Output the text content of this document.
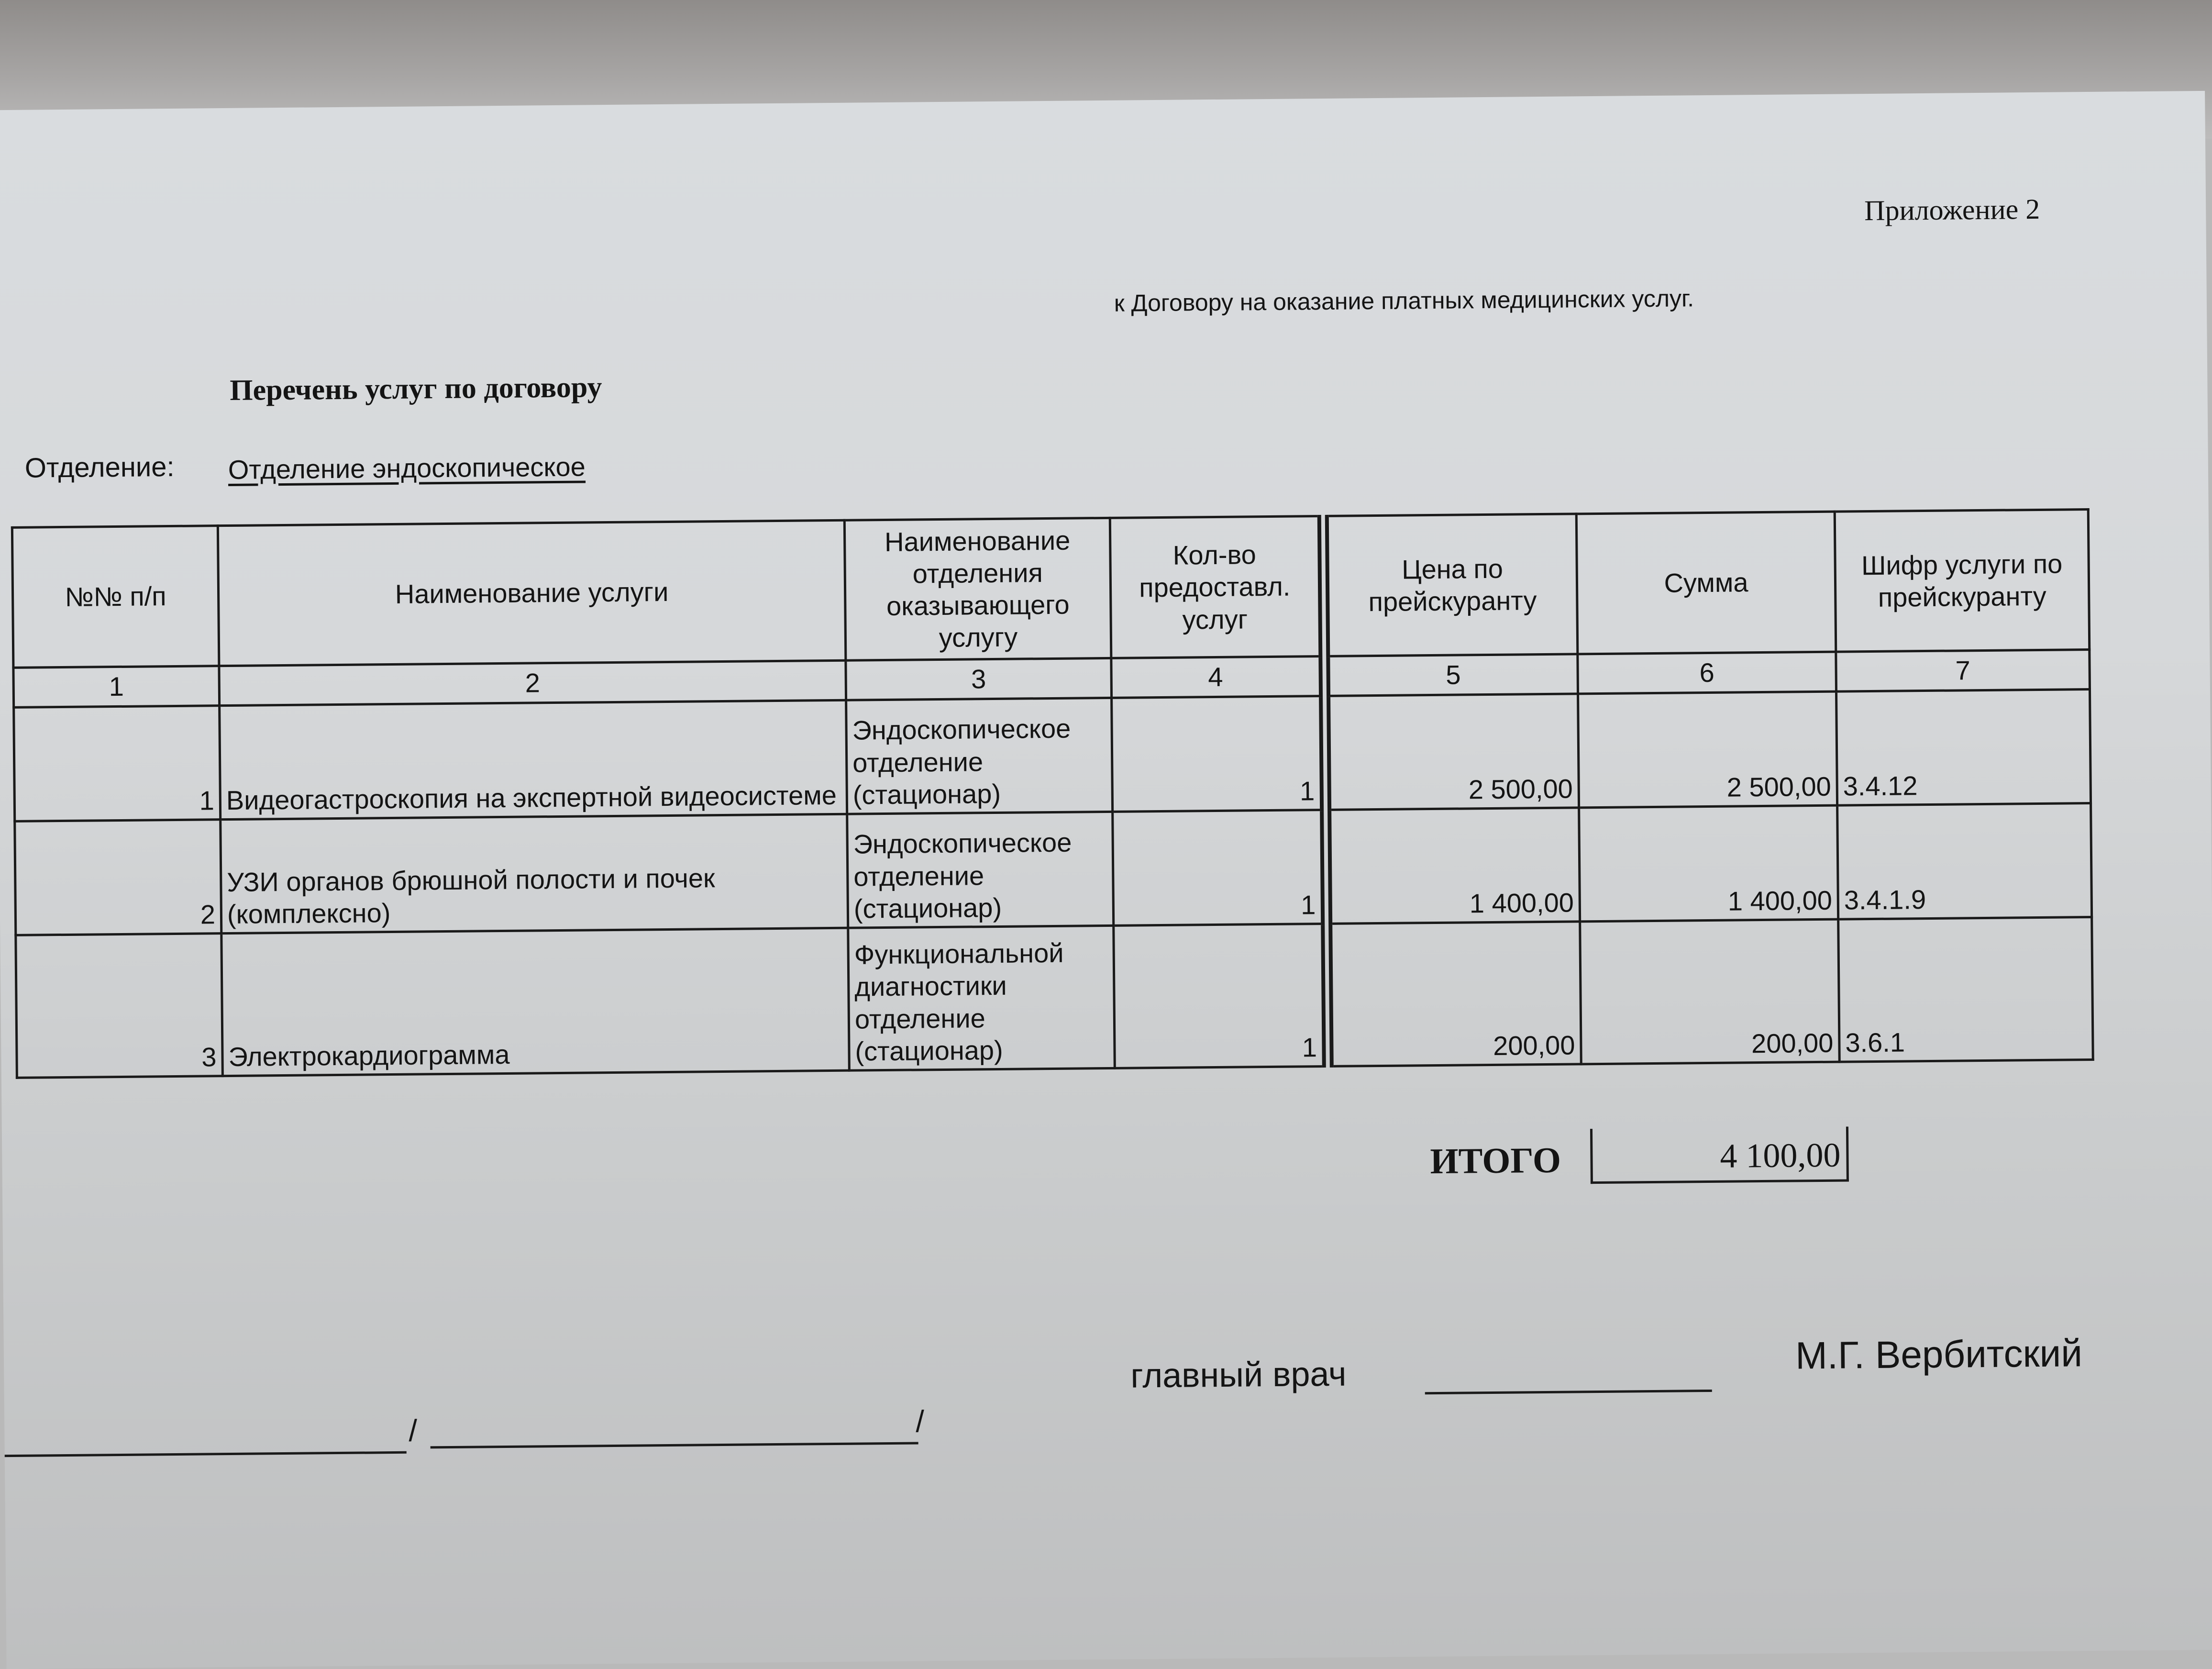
Приложение 2
к Договору на оказание платных медицинских услуг.
Перечень услуг по договору
Отделение: Отделение эндоскопическое
№№ п/п	Наименование услуги	Наименование отделения оказывающего услугу	Кол-во предоставл. услуг	Цена по прейскуранту	Сумма	Шифр услуги по прейскуранту
1	2	3	4	5	6	7
1	Видеогастроскопия на экспертной видеосистеме	Эндоскопическое отделение (стационар)	1	2 500,00	2 500,00	3.4.12
2	УЗИ органов брюшной полости и почек (комплексно)	Эндоскопическое отделение (стационар)	1	1 400,00	1 400,00	3.4.1.9
3	Электрокардиограмма	Функциональной диагностики отделение (стационар)	1	200,00	200,00	3.6.1
ИТОГО	4 100,00
/	/
главный врач	М.Г. Вербитский
